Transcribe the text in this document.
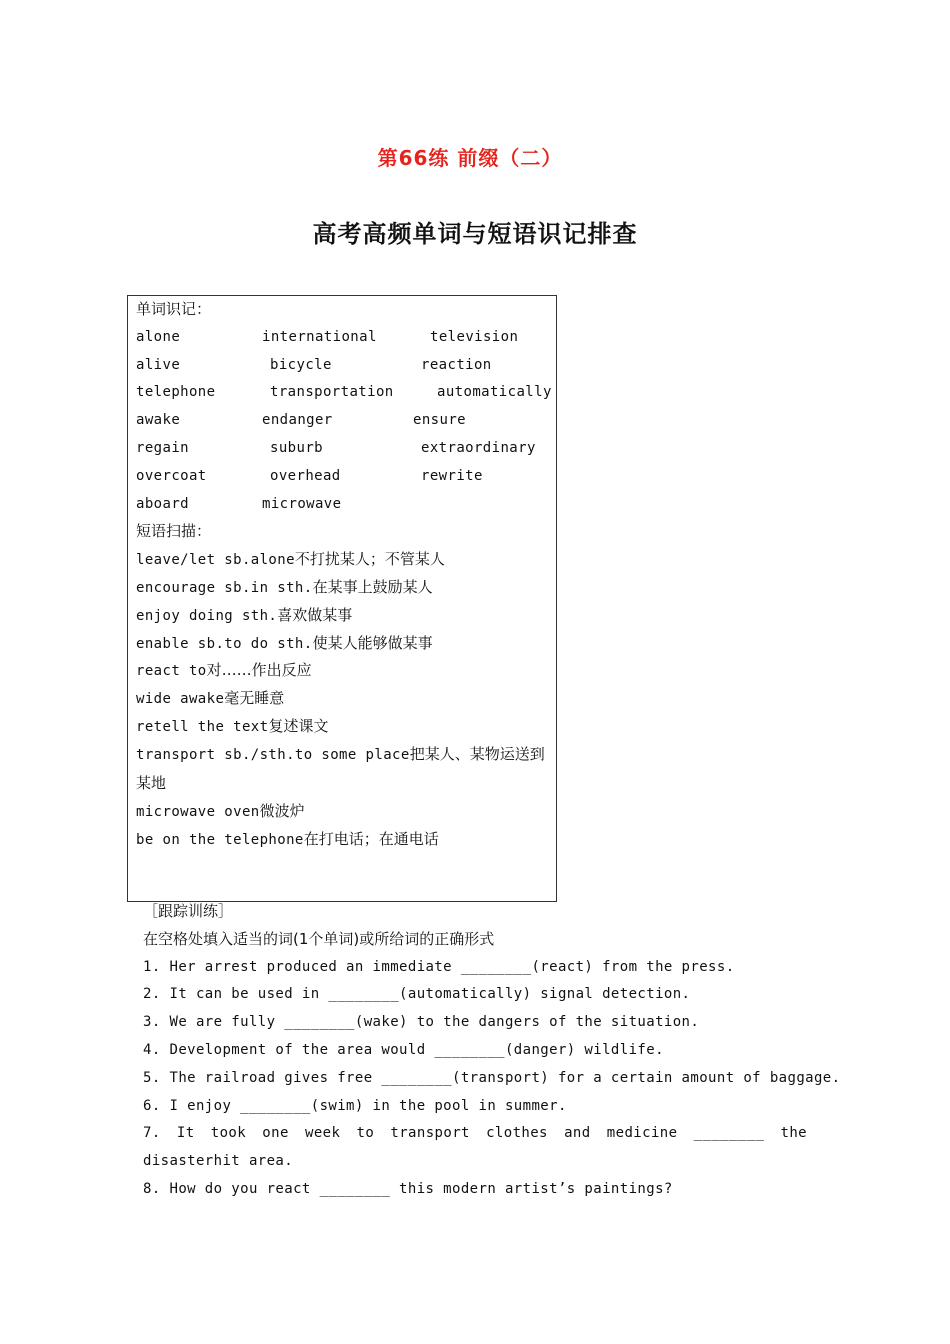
第66练 前缀（二）
高考高频单词与短语识记排查
单词识记：
alone	international	television
alive	bicycle	reaction
telephone	transportation	automatically
awake	endanger	ensure
regain	suburb	extraordinary
overcoat	overhead	rewrite
aboard	microwave
短语扫描：
leave/let sb.alone不打扰某人；不管某人
encourage sb.in sth.在某事上鼓励某人
enjoy doing sth.喜欢做某事
enable sb.to do sth.使某人能够做某事
react to对……作出反应
wide awake毫无睡意
retell the text复述课文
transport sb./sth.to some place把某人、某物运送到某地
microwave oven微波炉
be on the telephone在打电话；在通电话
［跟踪训练］
在空格处填入适当的词(1个单词)或所给词的正确形式
1. Her arrest produced an immediate ________(react) from the press.
2. It can be used in ________(automatically) signal detection.
3. We are fully ________(wake) to the dangers of the situation.
4. Development of the area would ________(danger) wildlife.
5. The railroad gives free ________(transport) for a certain amount of baggage.
6. I enjoy ________(swim) in the pool in summer.
7. It took one week to transport clothes and medicine ________ the disasterhit area.
8. How do you react ________ this modern artist’s paintings?
